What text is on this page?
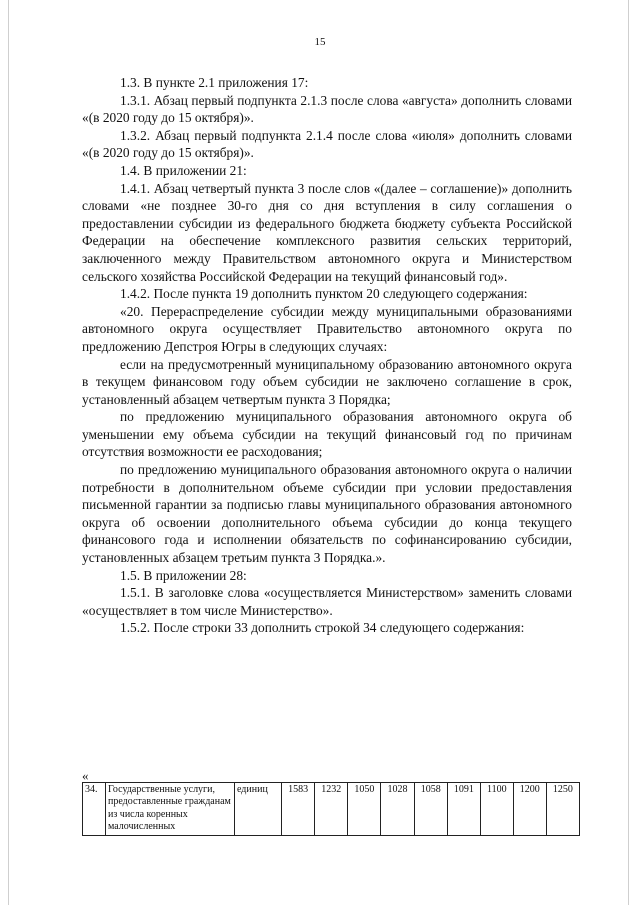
15

1.3. В пункте 2.1 приложения 17:

1.3.1. Абзац первый подпункта 2.1.3 после слова «августа» дополнить словами «(в 2020 году до 15 октября)».

1.3.2. Абзац первый подпункта 2.1.4 после слова «июля» дополнить словами «(в 2020 году до 15 октября)».

1.4. В приложении 21:

1.4.1. Абзац четвертый пункта 3 после слов «(далее – соглашение)» дополнить словами «не позднее 30-го дня со дня вступления в силу соглашения о предоставлении субсидии из федерального бюджета бюджету субъекта Российской Федерации на обеспечение комплексного развития сельских территорий, заключенного между Правительством автономного округа и Министерством сельского хозяйства Российской Федерации на текущий финансовый год».

1.4.2. После пункта 19 дополнить пунктом 20 следующего содержания:

«20. Перераспределение субсидии между муниципальными образованиями автономного округа осуществляет Правительство автономного округа по предложению Депстроя Югры в следующих случаях:

если на предусмотренный муниципальному образованию автономного округа в текущем финансовом году объем субсидии не заключено соглашение в срок, установленный абзацем четвертым пункта 3 Порядка;

по предложению муниципального образования автономного округа об уменьшении ему объема субсидии на текущий финансовый год по причинам отсутствия возможности ее расходования;

по предложению муниципального образования автономного округа о наличии потребности в дополнительном объеме субсидии при условии предоставления письменной гарантии за подписью главы муниципального образования автономного округа об освоении дополнительного объема субсидии до конца текущего финансового года и исполнении обязательств по софинансированию субсидии, установленных абзацем третьим пункта 3 Порядка.».

1.5. В приложении 28:

1.5.1. В заголовке слова «осуществляется Министерством» заменить словами «осуществляет в том числе Министерство».

1.5.2. После строки 33 дополнить строкой 34 следующего содержания:

«
34.	Государственные услуги, предоставленные гражданам из числа коренных малочисленных	единиц	1583	1232	1050	1028	1058	1091	1100	1200	1250
